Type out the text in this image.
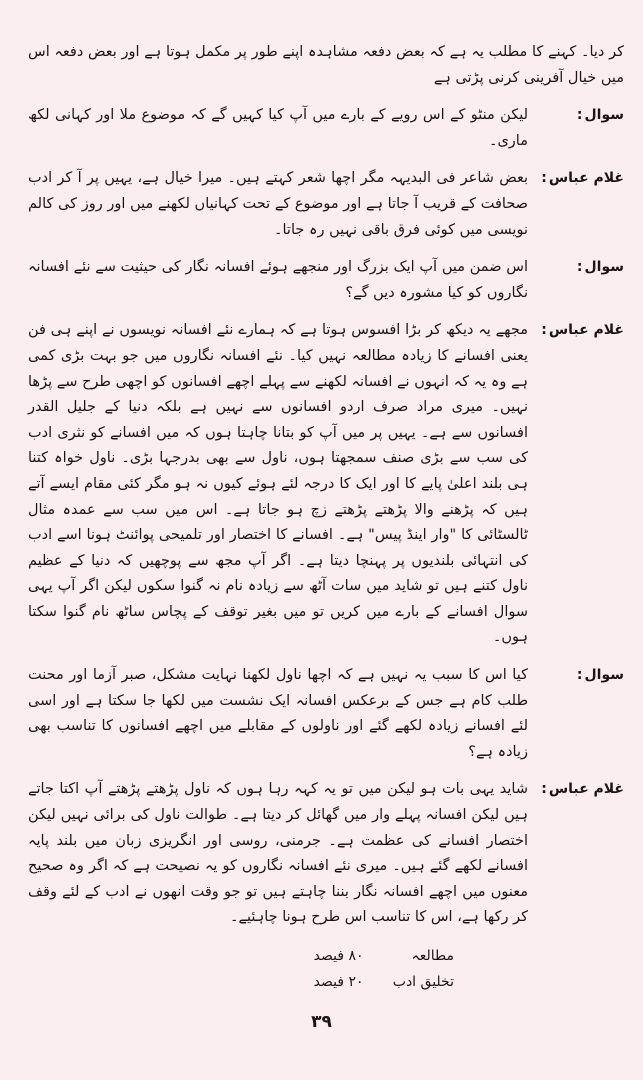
کر دیا۔ کہنے کا مطلب یہ ہے کہ بعض دفعہ مشاہدہ اپنے طور پر مکمل ہوتا ہے اور بعض دفعہ اس میں خیال آفرینی کرنی پڑتی ہے
سوال:
لیکن منٹو کے اس رویے کے بارے میں آپ کیا کہیں گے کہ موضوع ملا اور کہانی لکھ ماری۔
غلام عباس:
بعض شاعر فی البدیہہ مگر اچھا شعر کہتے ہیں۔ میرا خیال ہے، یہیں پر آ کر ادب صحافت کے قریب آ جاتا ہے اور موضوع کے تحت کہانیاں لکھنے میں اور روز کی کالم نویسی میں کوئی فرق باقی نہیں رہ جاتا۔
سوال:
اس ضمن میں آپ ایک بزرگ اور منجھے ہوئے افسانہ نگار کی حیثیت سے نئے افسانہ نگاروں کو کیا مشورہ دیں گے؟
غلام عباس:
مجھے یہ دیکھ کر بڑا افسوس ہوتا ہے کہ ہمارے نئے افسانہ نویسوں نے اپنے ہی فن یعنی افسانے کا زیادہ مطالعہ نہیں کیا۔ نئے افسانہ نگاروں میں جو بہت بڑی کمی ہے وہ یہ کہ انہوں نے افسانہ لکھنے سے پہلے اچھے افسانوں کو اچھی طرح سے پڑھا نہیں۔ میری مراد صرف اردو افسانوں سے نہیں ہے بلکہ دنیا کے جلیل القدر افسانوں سے ہے۔ یہیں پر میں آپ کو بتانا چاہتا ہوں کہ میں افسانے کو نثری ادب کی سب سے بڑی صنف سمجھتا ہوں، ناول سے بھی بدرجہا بڑی۔ ناول خواہ کتنا ہی بلند اعلیٰ پایے کا اور ایک کا درجہ لئے ہوئے کیوں نہ ہو مگر کئی مقام ایسے آتے ہیں کہ پڑھنے والا پڑھتے پڑھتے زچ ہو جاتا ہے۔ اس میں سب سے عمدہ مثال ٹالسٹائی کا "وار اینڈ پیس" ہے۔ افسانے کا اختصار اور تلمیحی پوائنٹ ہونا اسے ادب کی انتہائی بلندیوں پر پہنچا دیتا ہے۔ اگر آپ مجھ سے پوچھیں کہ دنیا کے عظیم ناول کتنے ہیں تو شاید میں سات آٹھ سے زیادہ نام نہ گنوا سکوں لیکن اگر آپ یہی سوال افسانے کے بارے میں کریں تو میں بغیر توقف کے پچاس ساٹھ نام گنوا سکتا ہوں۔
سوال:
کیا اس کا سبب یہ نہیں ہے کہ اچھا ناول لکھنا نہایت مشکل، صبر آزما اور محنت طلب کام ہے جس کے برعکس افسانہ ایک نشست میں لکھا جا سکتا ہے اور اسی لئے افسانے زیادہ لکھے گئے اور ناولوں کے مقابلے میں اچھے افسانوں کا تناسب بھی زیادہ ہے؟
غلام عباس:
شاید یہی بات ہو لیکن میں تو یہ کہہ رہا ہوں کہ ناول پڑھتے پڑھتے آپ اکتا جاتے ہیں لیکن افسانہ پہلے وار میں گھائل کر دیتا ہے۔ طوالت ناول کی برائی نہیں لیکن اختصار افسانے کی عظمت ہے۔ جرمنی، روسی اور انگریزی زبان میں بلند پایہ افسانے لکھے گئے ہیں۔ میری نئے افسانہ نگاروں کو یہ نصیحت ہے کہ اگر وہ صحیح معنوں میں اچھے افسانہ نگار بننا چاہتے ہیں تو جو وقت انھوں نے ادب کے لئے وقف کر رکھا ہے، اس کا تناسب اس طرح ہونا چاہئیے۔
مطالعہ ۸۰ فیصد
تخلیق ادب ۲۰ فیصد
۳۹
